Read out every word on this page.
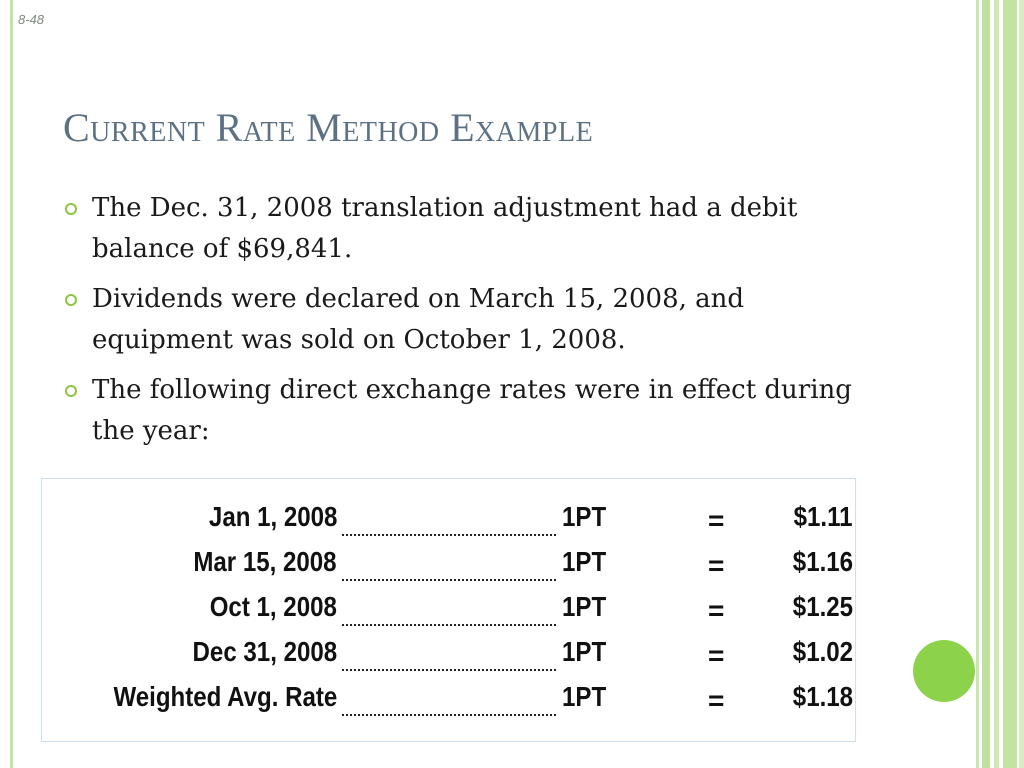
8-48
Current Rate Method Example
The Dec. 31, 2008 translation adjustment had a debit balance of $69,841.
Dividends were declared on March 15, 2008, and equipment was sold on October 1, 2008.
The following direct exchange rates were in effect during the year:
Jan 1, 2008	1PT	= $1.11
Mar 15, 2008	1PT	= $1.16
Oct 1, 2008	1PT	= $1.25
Dec 31, 2008	1PT	= $1.02
Weighted Avg. Rate	1PT	= $1.18
